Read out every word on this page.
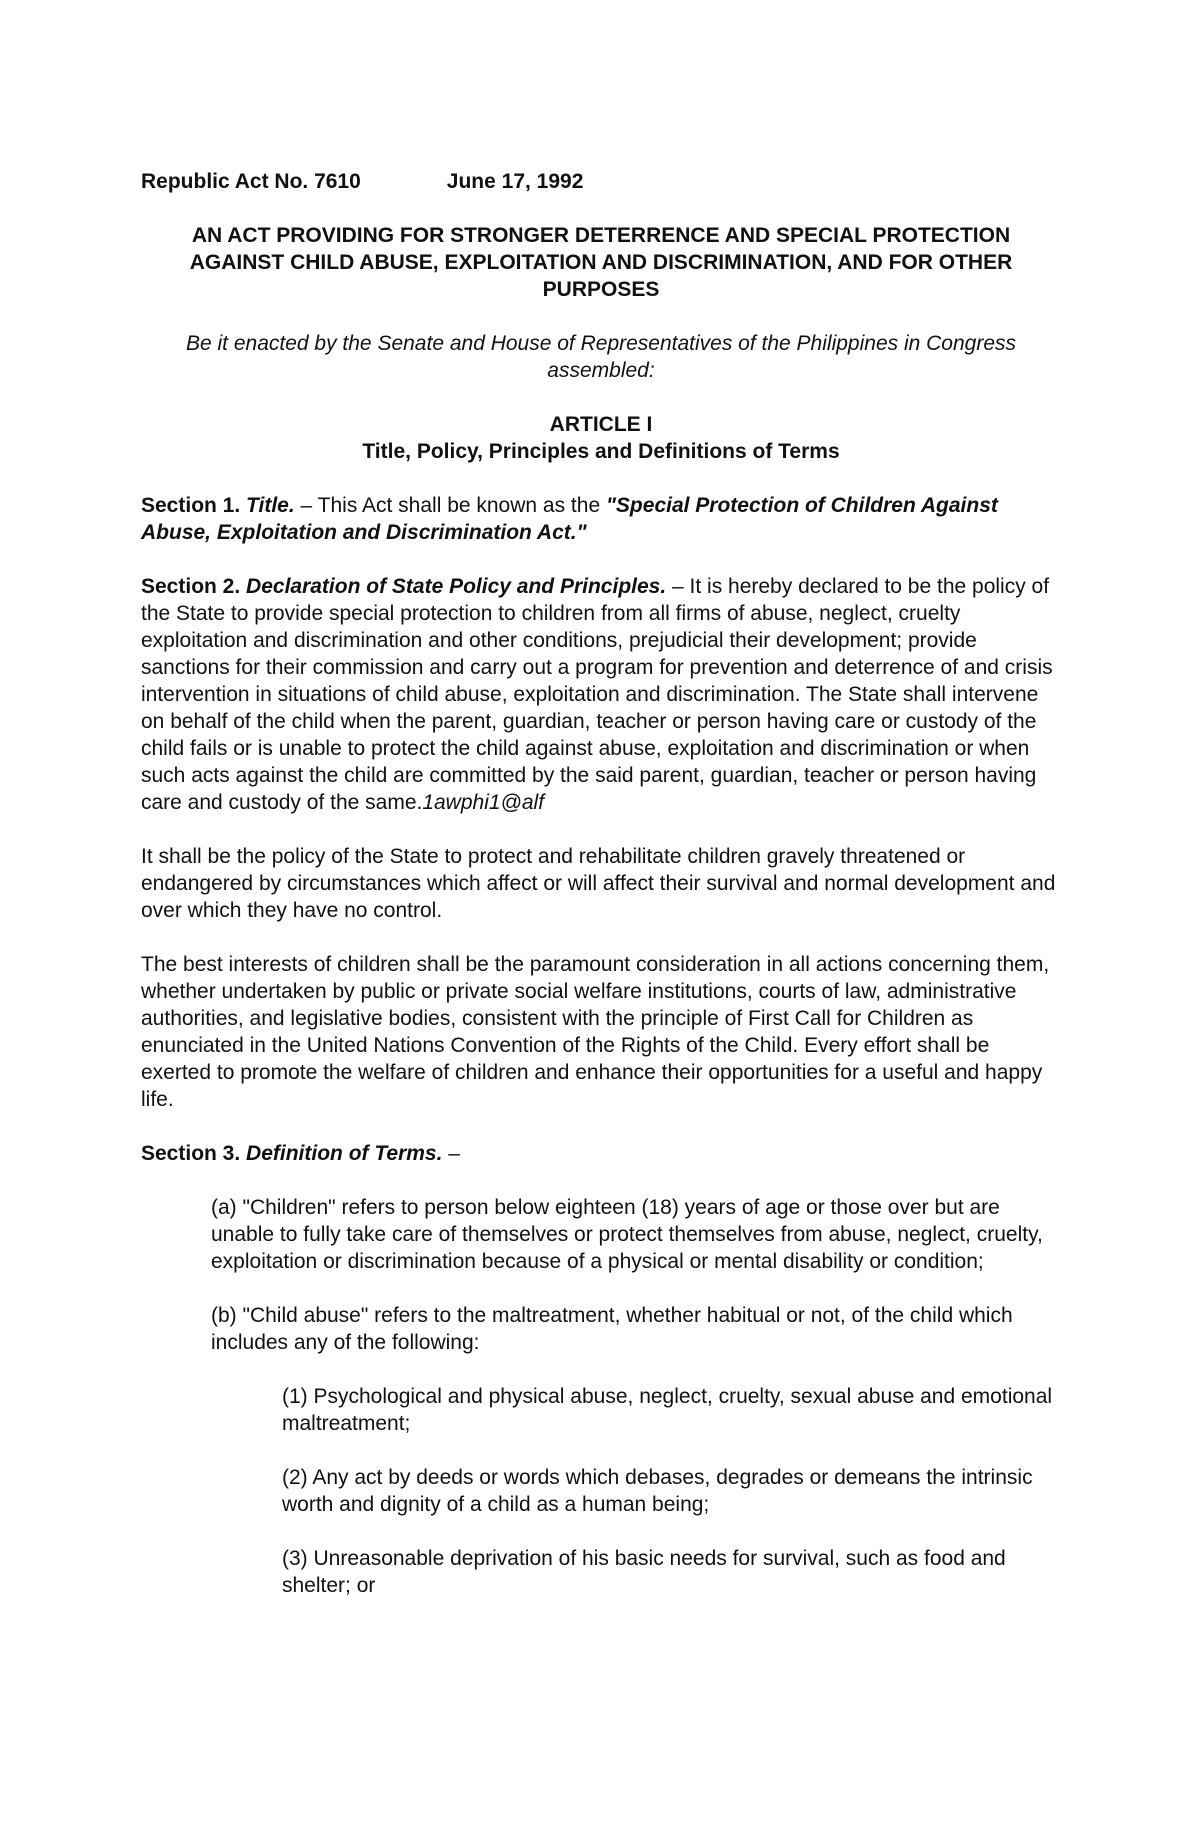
Republic Act No. 7610	June 17, 1992

AN ACT PROVIDING FOR STRONGER DETERRENCE AND SPECIAL PROTECTION AGAINST CHILD ABUSE, EXPLOITATION AND DISCRIMINATION, AND FOR OTHER PURPOSES

Be it enacted by the Senate and House of Representatives of the Philippines in Congress assembled:

ARTICLE I
Title, Policy, Principles and Definitions of Terms

Section 1. Title. – This Act shall be known as the "Special Protection of Children Against Abuse, Exploitation and Discrimination Act."

Section 2. Declaration of State Policy and Principles. – It is hereby declared to be the policy of the State to provide special protection to children from all firms of abuse, neglect, cruelty exploitation and discrimination and other conditions, prejudicial their development; provide sanctions for their commission and carry out a program for prevention and deterrence of and crisis intervention in situations of child abuse, exploitation and discrimination. The State shall intervene on behalf of the child when the parent, guardian, teacher or person having care or custody of the child fails or is unable to protect the child against abuse, exploitation and discrimination or when such acts against the child are committed by the said parent, guardian, teacher or person having care and custody of the same.1awphi1@alf

It shall be the policy of the State to protect and rehabilitate children gravely threatened or endangered by circumstances which affect or will affect their survival and normal development and over which they have no control.

The best interests of children shall be the paramount consideration in all actions concerning them, whether undertaken by public or private social welfare institutions, courts of law, administrative authorities, and legislative bodies, consistent with the principle of First Call for Children as enunciated in the United Nations Convention of the Rights of the Child. Every effort shall be exerted to promote the welfare of children and enhance their opportunities for a useful and happy life.

Section 3. Definition of Terms. –

(a) "Children" refers to person below eighteen (18) years of age or those over but are unable to fully take care of themselves or protect themselves from abuse, neglect, cruelty, exploitation or discrimination because of a physical or mental disability or condition;

(b) "Child abuse" refers to the maltreatment, whether habitual or not, of the child which includes any of the following:

(1) Psychological and physical abuse, neglect, cruelty, sexual abuse and emotional maltreatment;

(2) Any act by deeds or words which debases, degrades or demeans the intrinsic worth and dignity of a child as a human being;

(3) Unreasonable deprivation of his basic needs for survival, such as food and shelter; or
